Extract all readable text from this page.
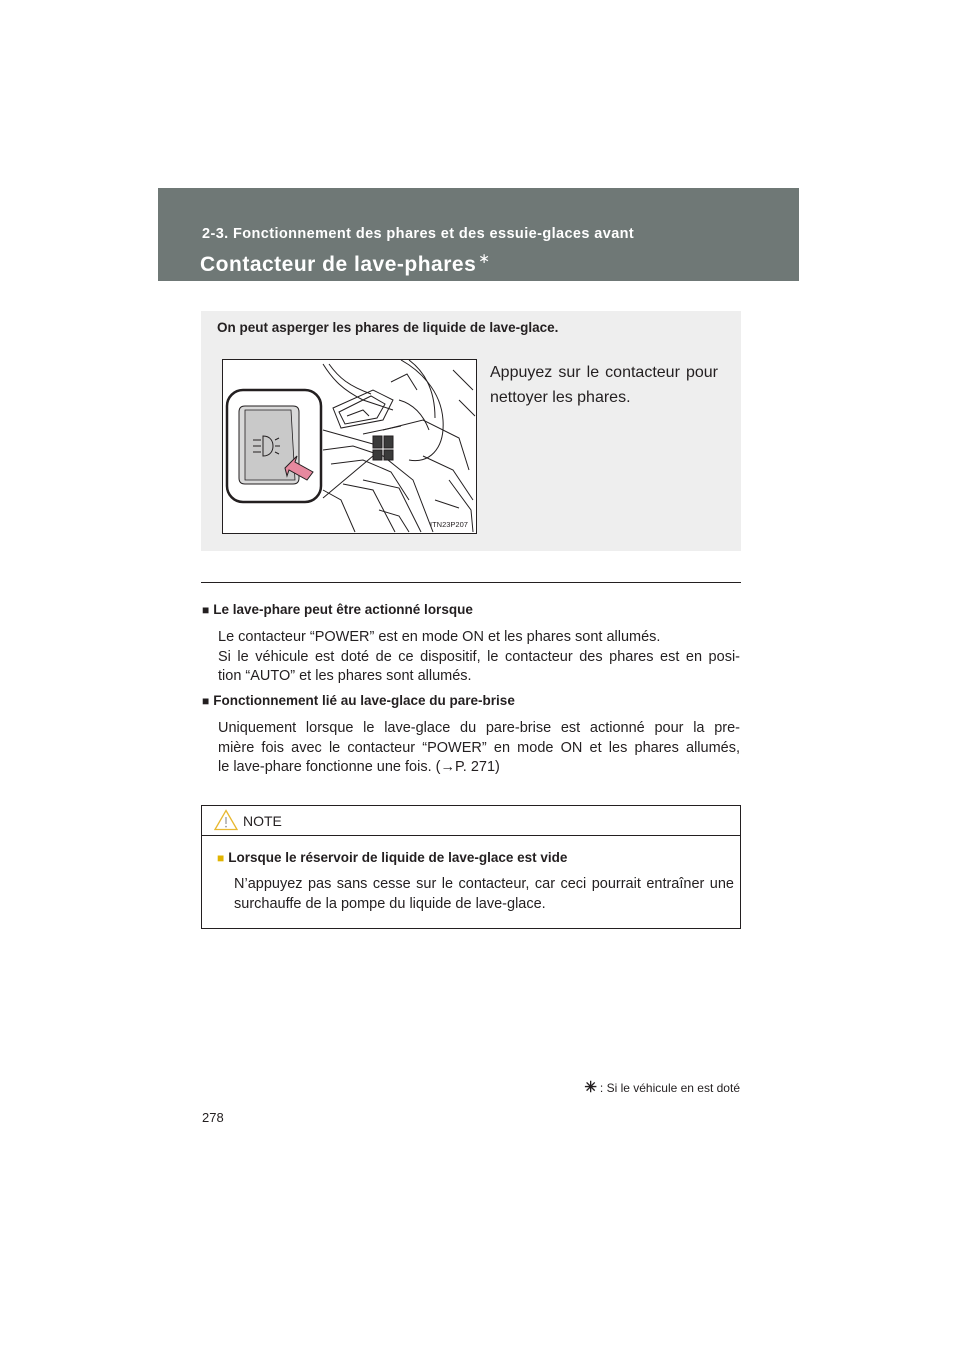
2-3. Fonctionnement des phares et des essuie-glaces avant
Contacteur de lave-phares ∗
On peut asperger les phares de liquide de lave-glace.
Appuyez sur le contacteur pour nettoyer les phares.
ITN23P207
■ Le lave-phare peut être actionné lorsque
Le contacteur “POWER” est en mode ON et les phares sont allumés.
Si le véhicule est doté de ce dispositif, le contacteur des phares est en posi-
tion “AUTO” et les phares sont allumés.
■ Fonctionnement lié au lave-glace du pare-brise
Uniquement lorsque le lave-glace du pare-brise est actionné pour la pre-
mière fois avec le contacteur “POWER” en mode ON et les phares allumés,
le lave-phare fonctionne une fois. (→P. 271)
NOTE
■ Lorsque le réservoir de liquide de lave-glace est vide
N’appuyez pas sans cesse sur le contacteur, car ceci pourrait entraîner une
surchauffe de la pompe du liquide de lave-glace.
✳ : Si le véhicule en est doté
278
